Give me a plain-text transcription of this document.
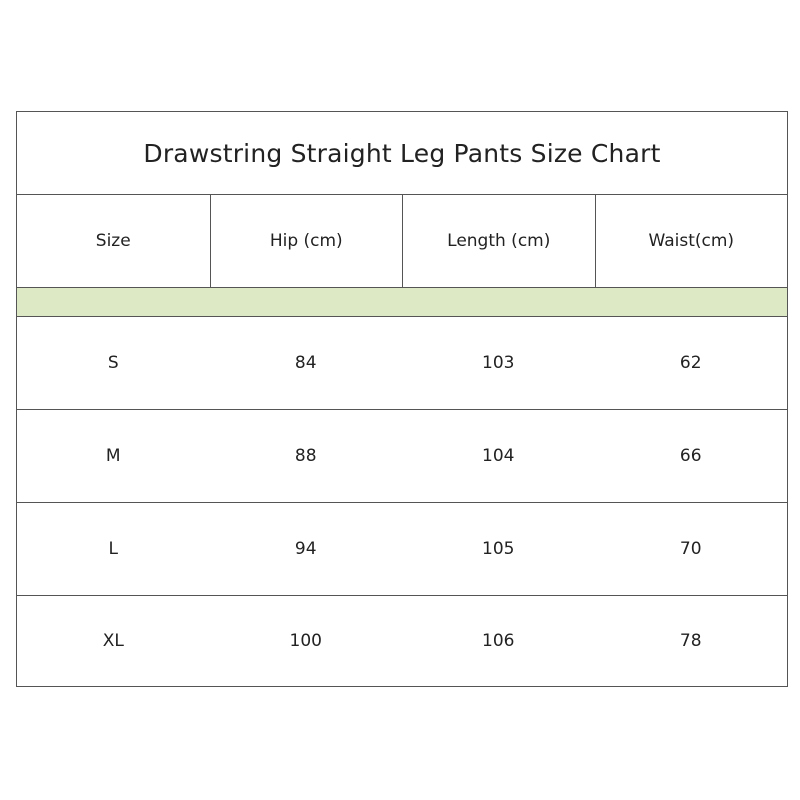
Drawstring Straight Leg Pants Size Chart
Size	Hip (cm)	Length (cm)	Waist(cm)
S	84	103	62
M	88	104	66
L	94	105	70
XL	100	106	78
